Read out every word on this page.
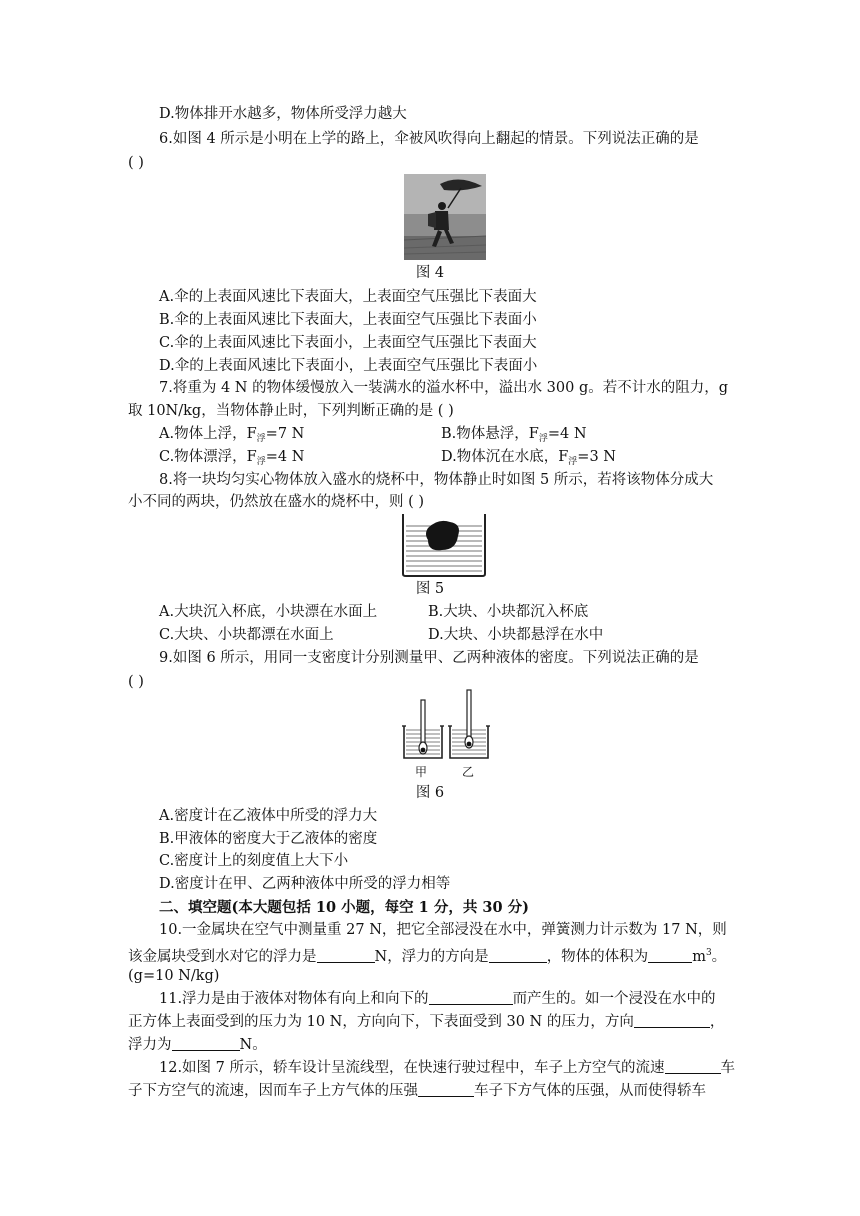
D.物体排开水越多，物体所受浮力越大
6.如图 4 所示是小明在上学的路上，伞被风吹得向上翻起的情景。下列说法正确的是
( )
图 4
A.伞的上表面风速比下表面大，上表面空气压强比下表面大
B.伞的上表面风速比下表面大，上表面空气压强比下表面小
C.伞的上表面风速比下表面小，上表面空气压强比下表面大
D.伞的上表面风速比下表面小，上表面空气压强比下表面小
7.将重为 4 N 的物体缓慢放入一装满水的溢水杯中，溢出水 300 g。若不计水的阻力，g
取 10N/kg，当物体静止时，下列判断正确的是 ( )
A.物体上浮，$F_浮=7$ N	B.物体悬浮，$F_浮=4$ N
C.物体漂浮，$F_浮=4$ N	D.物体沉在水底，$F_浮=3$ N
8.将一块均匀实心物体放入盛水的烧杯中，物体静止时如图 5 所示，若将该物体分成大
小不同的两块，仍然放在盛水的烧杯中，则 ( )
图 5
A.大块沉入杯底，小块漂在水面上	B.大块、小块都沉入杯底
C.大块、小块都漂在水面上	D.大块、小块都悬浮在水中
9.如图 6 所示，用同一支密度计分别测量甲、乙两种液体的密度。下列说法正确的是
( )
甲	乙
图 6
A.密度计在乙液体中所受的浮力大
B.甲液体的密度大于乙液体的密度
C.密度计上的刻度值上大下小
D.密度计在甲、乙两种液体中所受的浮力相等
二、填空题(本大题包括 10 小题，每空 1 分，共 30 分)
10.一金属块在空气中测量重 27 N，把它全部浸没在水中，弹簧测力计示数为 17 N，则
该金属块受到水对它的浮力是	N，浮力的方向是	，物体的体积为	$m^3$。
(g=10 N/kg)
11.浮力是由于液体对物体有向上和向下的	而产生的。如一个浸没在水中的
正方体上表面受到的压力为 10 N，方向向下，下表面受到 30 N 的压力，方向	，
浮力为	N。
12.如图 7 所示，轿车设计呈流线型，在快速行驶过程中，车子上方空气的流速	车
子下方空气的流速，因而车子上方气体的压强	车子下方气体的压强，从而使得轿车
